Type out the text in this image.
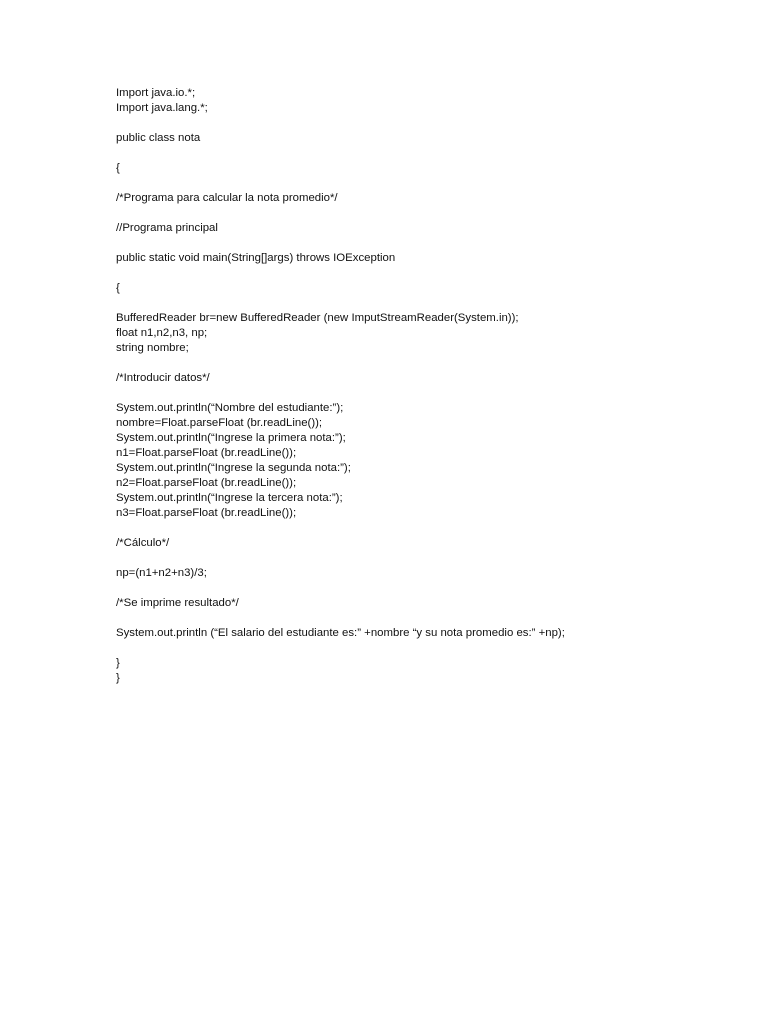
Import java.io.*;
Import java.lang.*;
public class nota
{
/*Programa para calcular la nota promedio*/
//Programa principal
public static void main(String[]args) throws IOException
{
BufferedReader br=new BufferedReader (new ImputStreamReader(System.in));
float n1,n2,n3, np;
string nombre;
/*Introducir datos*/
System.out.println(“Nombre del estudiante:”);
nombre=Float.parseFloat (br.readLine());
System.out.println(“Ingrese la primera nota:”);
n1=Float.parseFloat (br.readLine());
System.out.println(“Ingrese la segunda nota:”);
n2=Float.parseFloat (br.readLine());
System.out.println(“Ingrese la tercera nota:”);
n3=Float.parseFloat (br.readLine());
/*Cálculo*/
np=(n1+n2+n3)/3;
/*Se imprime resultado*/
System.out.println (“El salario del estudiante es:” +nombre “y su nota promedio es:” +np);
}
}
